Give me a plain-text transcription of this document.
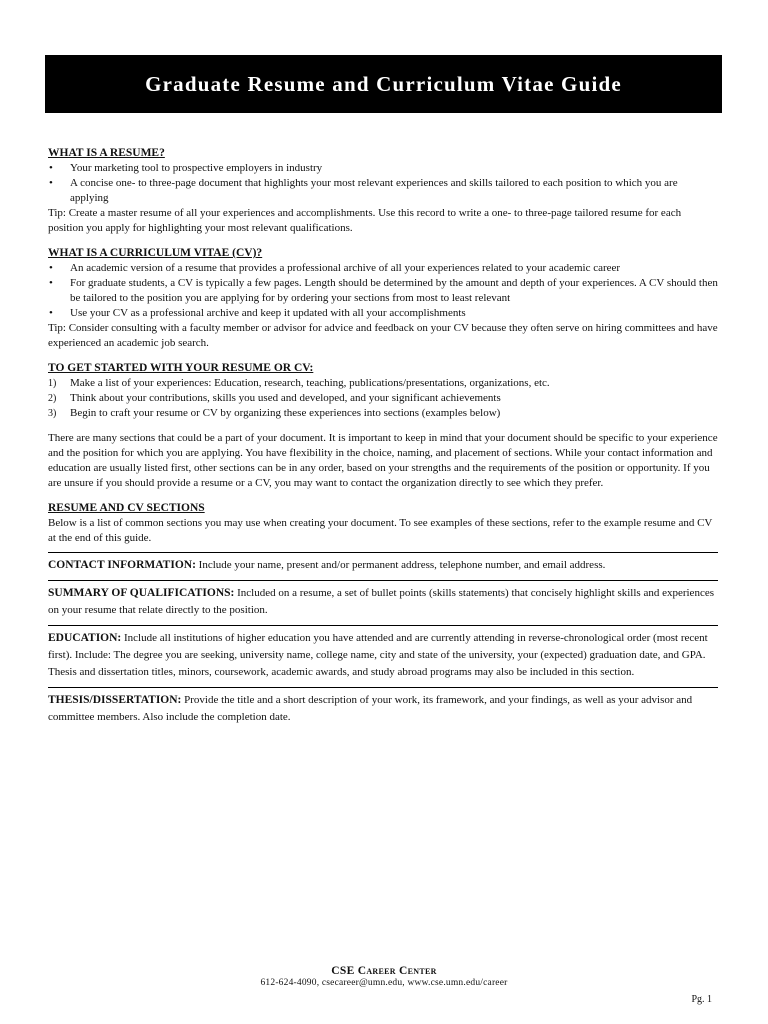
Graduate Resume and Curriculum Vitae Guide
WHAT IS A RESUME?
• Your marketing tool to prospective employers in industry
• A concise one- to three-page document that highlights your most relevant experiences and skills tailored to each position to which you are applying

Tip: Create a master resume of all your experiences and accomplishments. Use this record to write a one- to three-page tailored resume for each position you apply for highlighting your most relevant qualifications.

WHAT IS A CURRICULUM VITAE (CV)?
• An academic version of a resume that provides a professional archive of all your experiences related to your academic career
• For graduate students, a CV is typically a few pages. Length should be determined by the amount and depth of your experiences. A CV should then be tailored to the position you are applying for by ordering your sections from most to least relevant
• Use your CV as a professional archive and keep it updated with all your accomplishments

Tip: Consider consulting with a faculty member or advisor for advice and feedback on your CV because they often serve on hiring committees and have experienced an academic job search.

TO GET STARTED WITH YOUR RESUME OR CV:
1) Make a list of your experiences: Education, research, teaching, publications/presentations, organizations, etc.
2) Think about your contributions, skills you used and developed, and your significant achievements
3) Begin to craft your resume or CV by organizing these experiences into sections (examples below)

There are many sections that could be a part of your document. It is important to keep in mind that your document should be specific to your experience and the position for which you are applying. You have flexibility in the choice, naming, and placement of sections. While your contact information and education are usually listed first, other sections can be in any order, based on your strengths and the requirements of the position or opportunity. If you are unsure if you should provide a resume or a CV, you may want to contact the organization directly to see which they prefer.

RESUME AND CV SECTIONS

Below is a list of common sections you may use when creating your document. To see examples of these sections, refer to the example resume and CV at the end of this guide.

CONTACT INFORMATION: Include your name, present and/or permanent address, telephone number, and email address.

SUMMARY OF QUALIFICATIONS: Included on a resume, a set of bullet points (skills statements) that concisely highlight skills and experiences on your resume that relate directly to the position.

EDUCATION: Include all institutions of higher education you have attended and are currently attending in reverse-chronological order (most recent first). Include: The degree you are seeking, university name, college name, city and state of the university, your (expected) graduation date, and GPA. Thesis and dissertation titles, minors, coursework, academic awards, and study abroad programs may also be included in this section.

THESIS/DISSERTATION: Provide the title and a short description of your work, its framework, and your findings, as well as your advisor and committee members. Also include the completion date.

CSE Career Center
612-624-4090, csecareer@umn.edu, www.cse.umn.edu/career
Pg. 1
